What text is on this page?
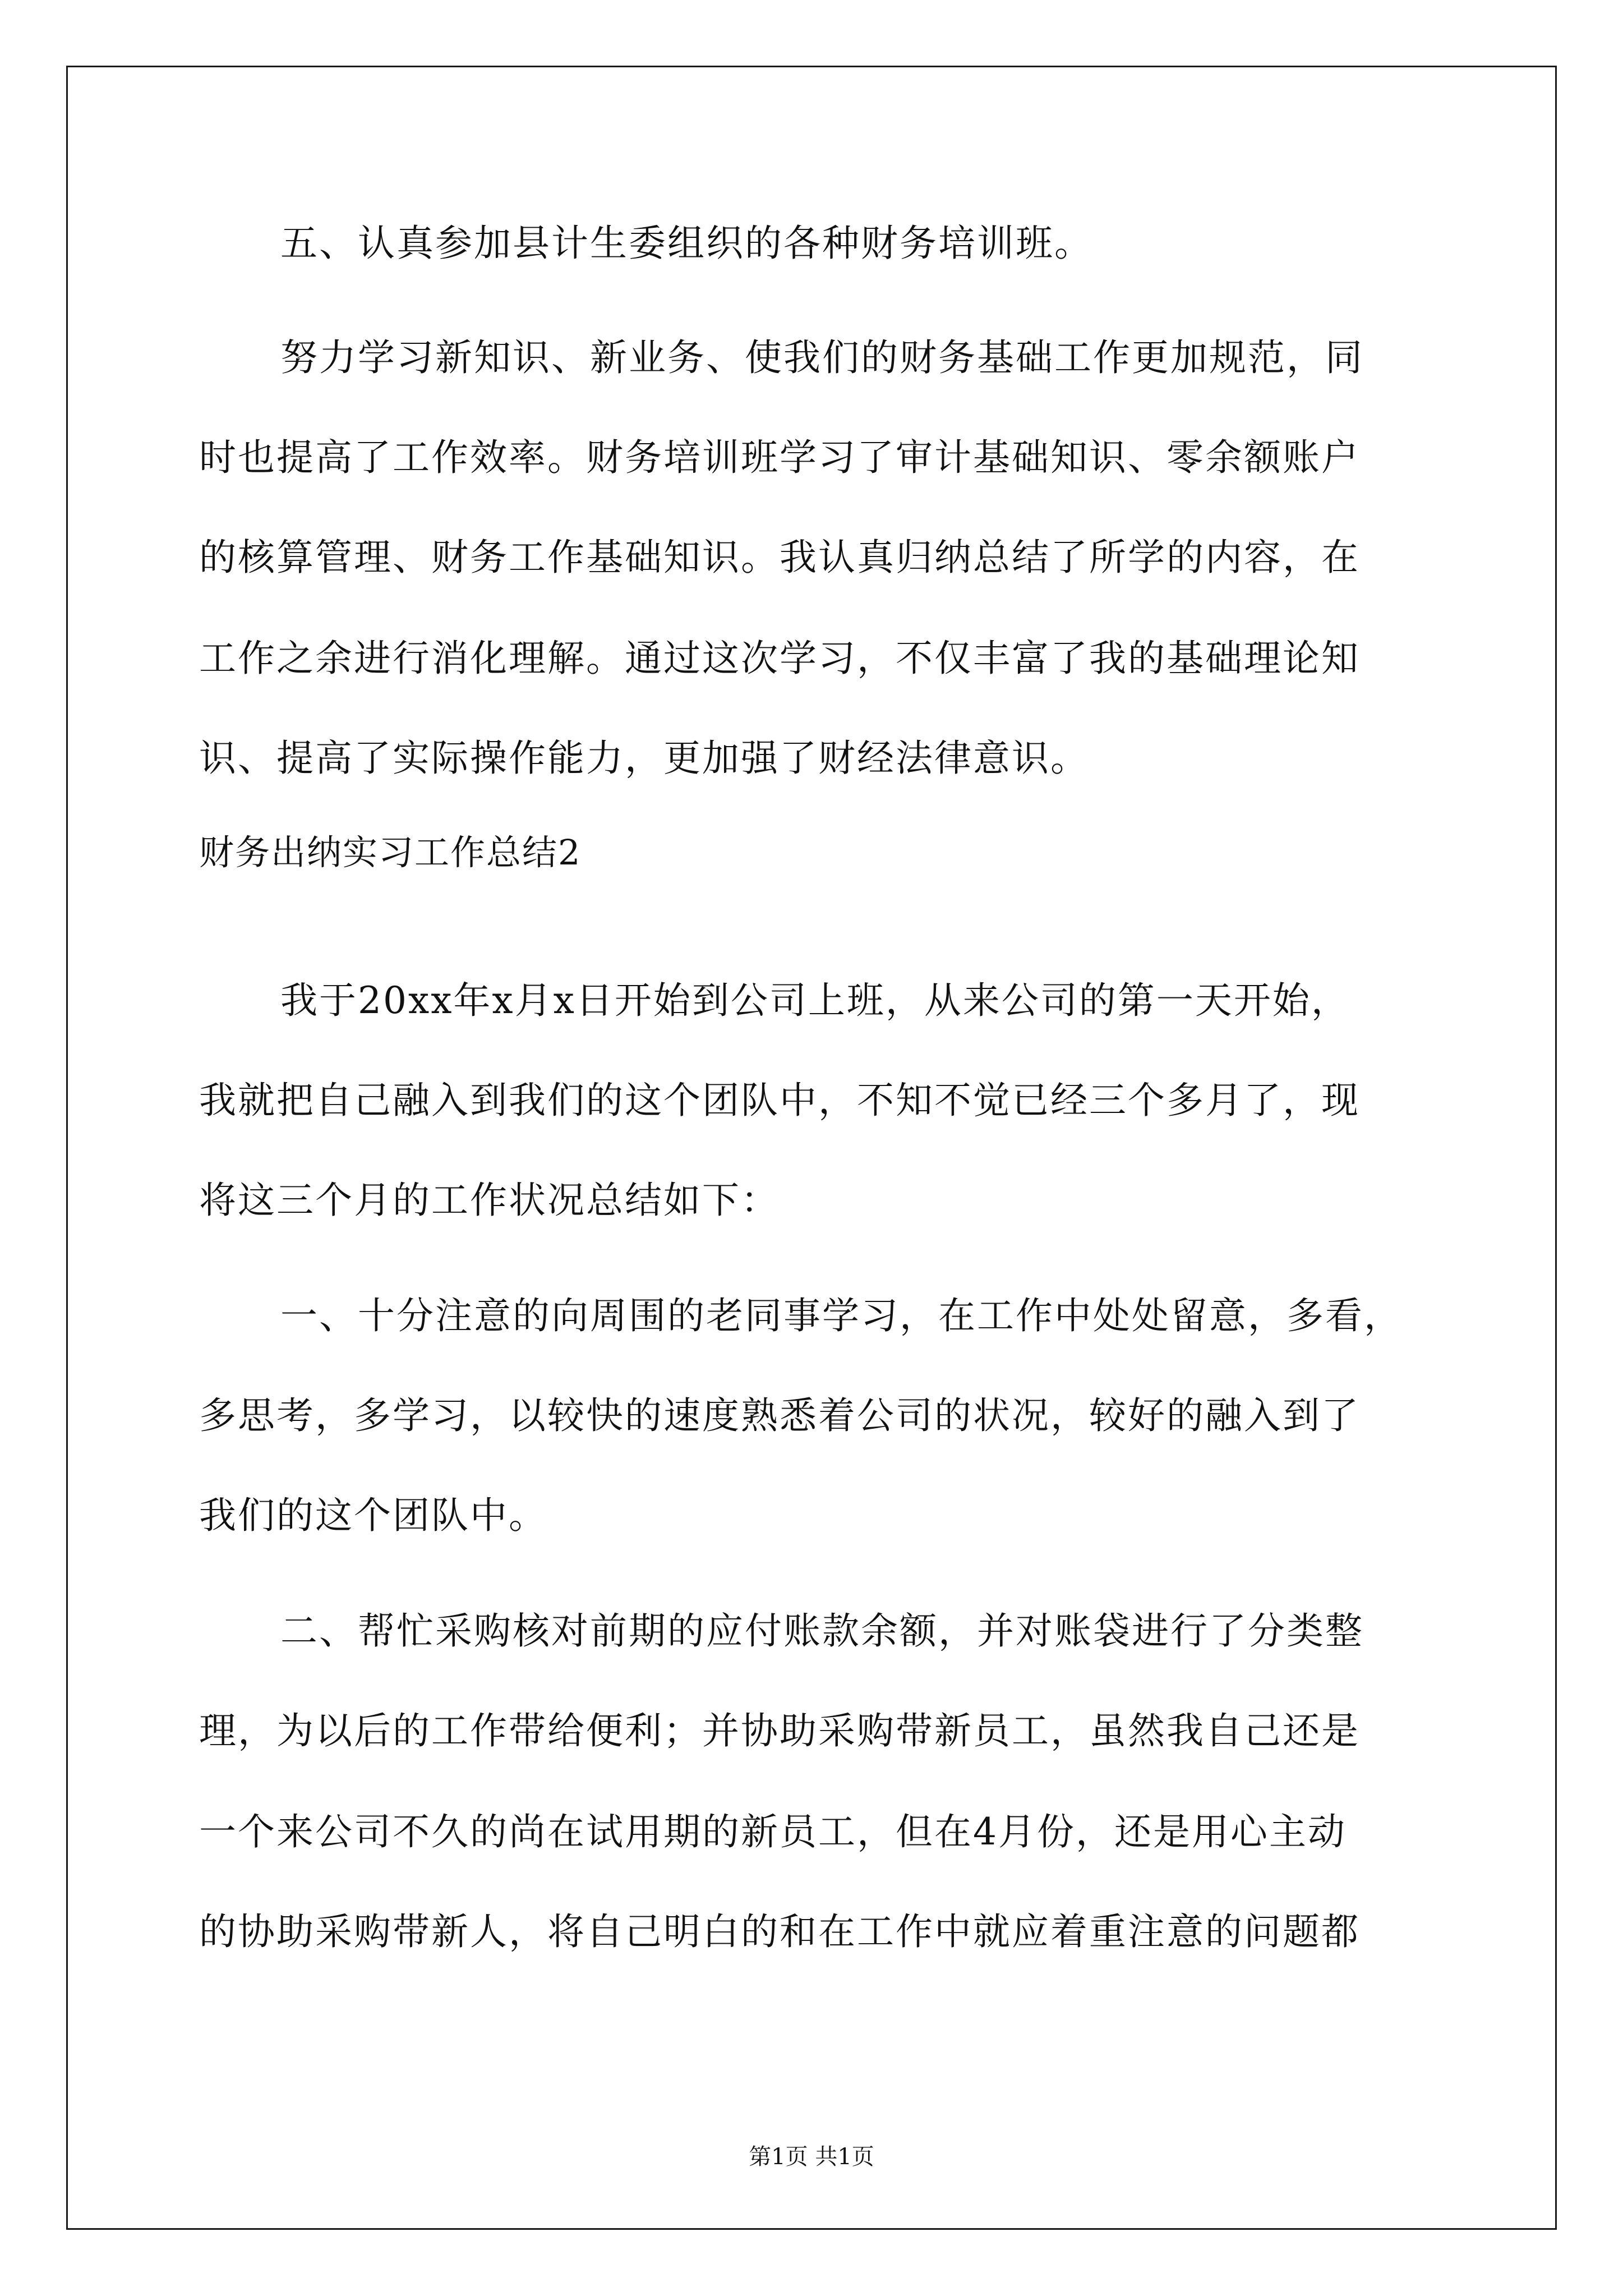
五、认真参加县计生委组织的各种财务培训班。
努力学习新知识、新业务、使我们的财务基础工作更加规范，同
时也提高了工作效率。财务培训班学习了审计基础知识、零余额账户
的核算管理、财务工作基础知识。我认真归纳总结了所学的内容，在
工作之余进行消化理解。通过这次学习，不仅丰富了我的基础理论知
识、提高了实际操作能力，更加强了财经法律意识。
财务出纳实习工作总结2
我于20xx年x月x日开始到公司上班，从来公司的第一天开始，
我就把自己融入到我们的这个团队中，不知不觉已经三个多月了，现
将这三个月的工作状况总结如下：
一、十分注意的向周围的老同事学习，在工作中处处留意，多看，
多思考，多学习，以较快的速度熟悉着公司的状况，较好的融入到了
我们的这个团队中。
二、帮忙采购核对前期的应付账款余额，并对账袋进行了分类整
理，为以后的工作带给便利；并协助采购带新员工，虽然我自己还是
一个来公司不久的尚在试用期的新员工，但在4月份，还是用心主动
的协助采购带新人，将自己明白的和在工作中就应着重注意的问题都
第1页 共1页
